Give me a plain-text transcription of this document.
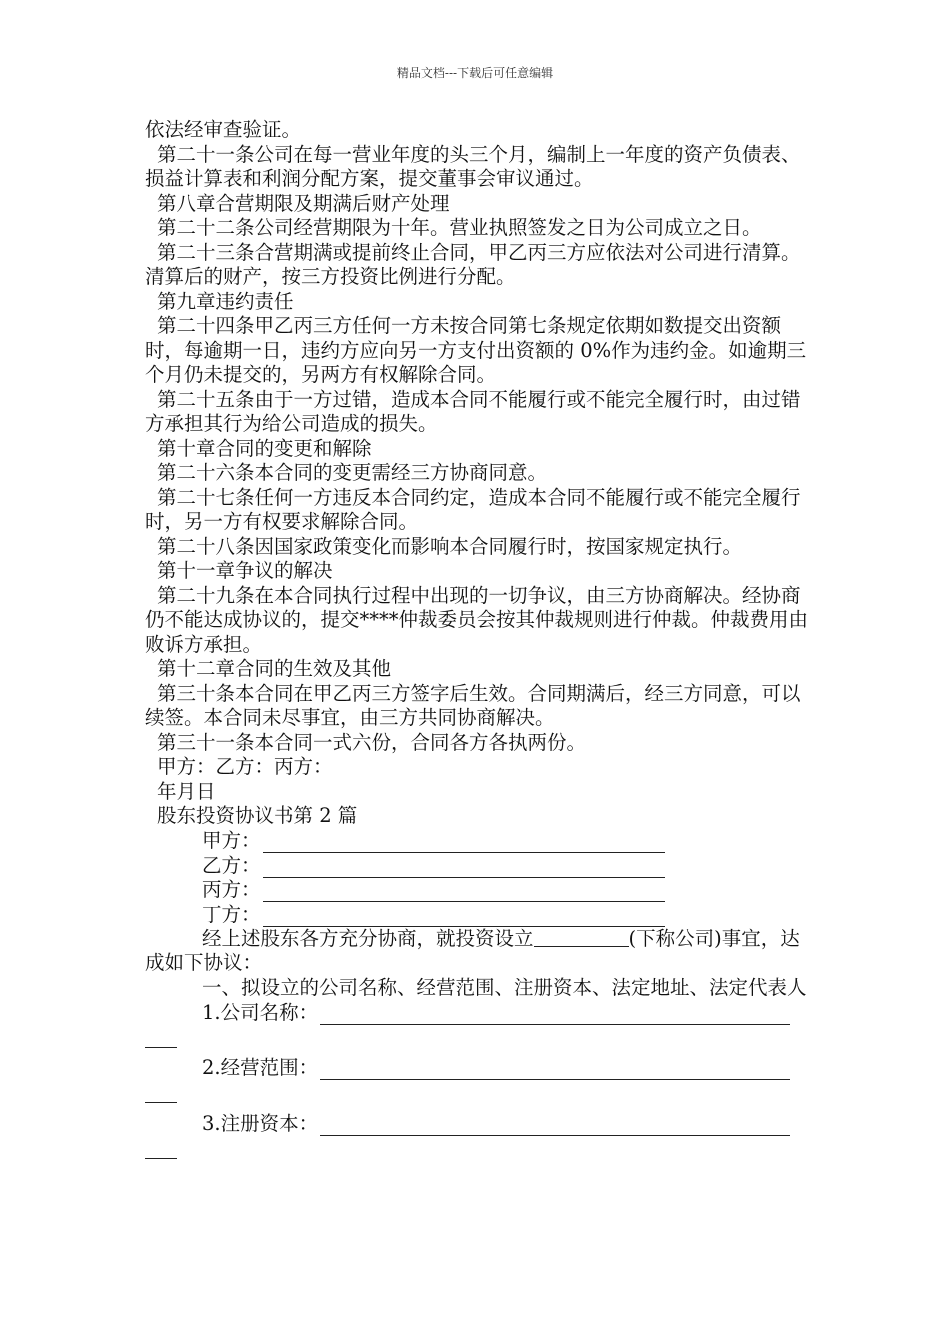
精品文档---下载后可任意编辑

依法经审查验证。

第二十一条公司在每一营业年度的头三个月，编制上一年度的资产负债表、损益计算表和利润分配方案，提交董事会审议通过。

第八章合营期限及期满后财产处理

第二十二条公司经营期限为十年。营业执照签发之日为公司成立之日。

第二十三条合营期满或提前终止合同，甲乙丙三方应依法对公司进行清算。清算后的财产，按三方投资比例进行分配。

第九章违约责任

第二十四条甲乙丙三方任何一方未按合同第七条规定依期如数提交出资额时，每逾期一日，违约方应向另一方支付出资额的 0%作为违约金。如逾期三个月仍未提交的，另两方有权解除合同。

第二十五条由于一方过错，造成本合同不能履行或不能完全履行时，由过错方承担其行为给公司造成的损失。

第十章合同的变更和解除

第二十六条本合同的变更需经三方协商同意。

第二十七条任何一方违反本合同约定，造成本合同不能履行或不能完全履行时，另一方有权要求解除合同。

第二十八条因国家政策变化而影响本合同履行时，按国家规定执行。

第十一章争议的解决

第二十九条在本合同执行过程中出现的一切争议，由三方协商解决。经协商仍不能达成协议的，提交****仲裁委员会按其仲裁规则进行仲裁。仲裁费用由败诉方承担。

第十二章合同的生效及其他

第三十条本合同在甲乙丙三方签字后生效。合同期满后，经三方同意，可以续签。本合同未尽事宜，由三方共同协商解决。

第三十一条本合同一式六份，合同各方各执两份。

甲方：乙方：丙方：

年月日

股东投资协议书第 2 篇

甲方：
乙方：
丙方：
丁方：

经上述股东各方充分协商，就投资设立	(下称公司)事宜，达成如下协议：

一、拟设立的公司名称、经营范围、注册资本、法定地址、法定代表人

1.公司名称：
2.经营范围：
3.注册资本：
